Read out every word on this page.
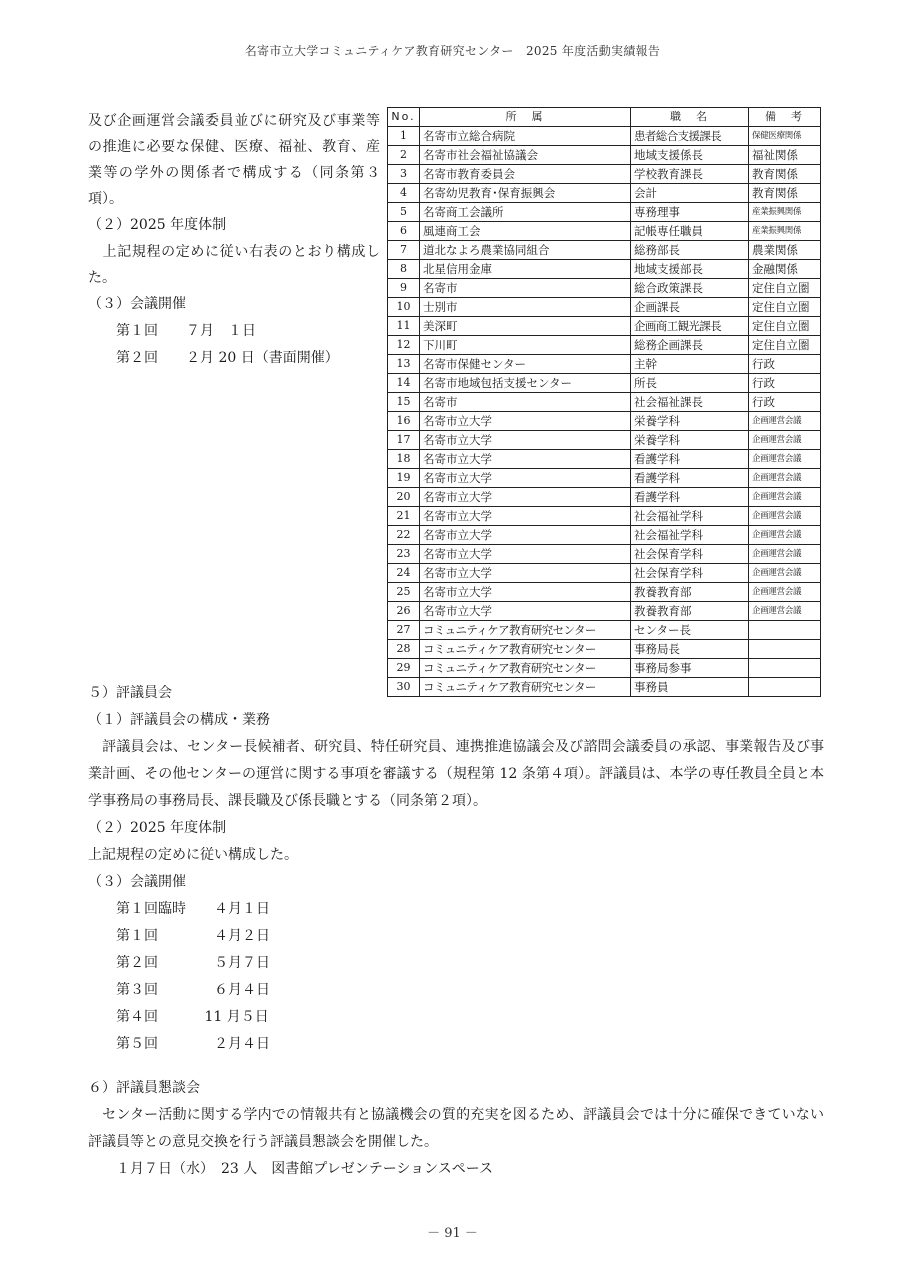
名寄市立大学コミュニティケア教育研究センター　2025 年度活動実績報告

及び企画運営会議委員並びに研究及び事業等の推進に必要な保健、医療、福祉、教育、産業等の学外の関係者で構成する（同条第３項）。

（２）2025 年度体制

　上記規程の定めに従い右表のとおり構成した。

（３）会議開催

　　第１回　　７月　１日

　　第２回　　２月 20 日（書面開催）

No.	所　属	職　名	備　考
1	名寄市立総合病院	患者総合支援課長	保健医療関係
2	名寄市社会福祉協議会	地域支援係長	福祉関係
3	名寄市教育委員会	学校教育課長	教育関係
4	名寄幼児教育･保育振興会	会計	教育関係
5	名寄商工会議所	専務理事	産業振興関係
6	風連商工会	記帳専任職員	産業振興関係
7	道北なよろ農業協同組合	総務部長	農業関係
8	北星信用金庫	地域支援部長	金融関係
9	名寄市	総合政策課長	定住自立圏
10	士別市	企画課長	定住自立圏
11	美深町	企画商工観光課長	定住自立圏
12	下川町	総務企画課長	定住自立圏
13	名寄市保健センター	主幹	行政
14	名寄市地域包括支援センター	所長	行政
15	名寄市	社会福祉課長	行政
16	名寄市立大学	栄養学科	企画運営会議
17	名寄市立大学	栄養学科	企画運営会議
18	名寄市立大学	看護学科	企画運営会議
19	名寄市立大学	看護学科	企画運営会議
20	名寄市立大学	看護学科	企画運営会議
21	名寄市立大学	社会福祉学科	企画運営会議
22	名寄市立大学	社会福祉学科	企画運営会議
23	名寄市立大学	社会保育学科	企画運営会議
24	名寄市立大学	社会保育学科	企画運営会議
25	名寄市立大学	教養教育部	企画運営会議
26	名寄市立大学	教養教育部	企画運営会議
27	コミュニティケア教育研究センター	センター長	
28	コミュニティケア教育研究センター	事務局長	
29	コミュニティケア教育研究センター	事務局参事	
30	コミュニティケア教育研究センター	事務員	

５）評議員会

（１）評議員会の構成・業務

　評議員会は、センター長候補者、研究員、特任研究員、連携推進協議会及び諮問会議委員の承認、事業報告及び事業計画、その他センターの運営に関する事項を審議する（規程第 12 条第４項）。評議員は、本学の専任教員全員と本学事務局の事務局長、課長職及び係長職とする（同条第２項）。

（２）2025 年度体制

上記規程の定めに従い構成した。

（３）会議開催

　　第１回臨時　　４月１日

　　第１回　　　　４月２日

　　第２回　　　　５月７日

　　第３回　　　　６月４日

　　第４回　　　 11 月５日

　　第５回　　　　２月４日

６）評議員懇談会

　センター活動に関する学内での情報共有と協議機会の質的充実を図るため、評議員会では十分に確保できていない評議員等との意見交換を行う評議員懇談会を開催した。

　　１月７日（水）　23 人　図書館プレゼンテーションスペース

－ 91 －
